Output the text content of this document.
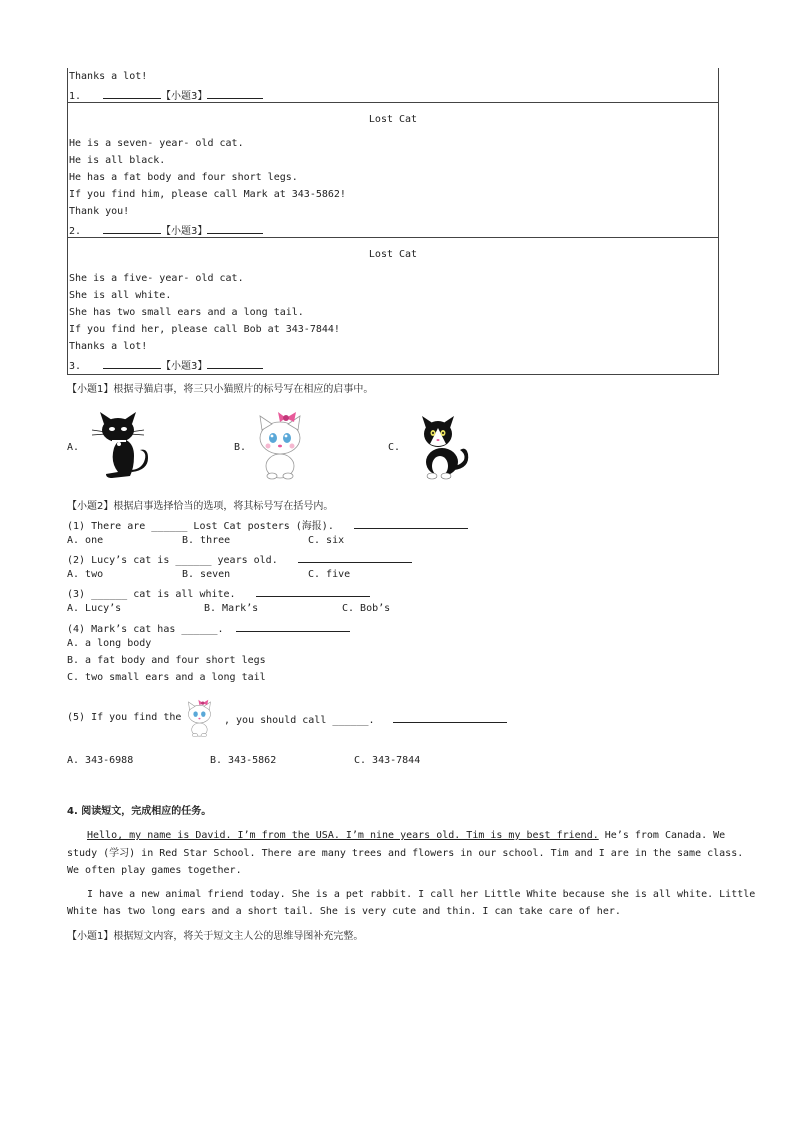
Thanks a lot!
1.	【小题3】
Lost Cat
He is a seven- year- old cat.
He is all black.
He has a fat body and four short legs.
If you find him, please call Mark at 343-5862!
Thank you!
2.	【小题3】
Lost Cat
She is a five- year- old cat.
She is all white.
She has two small ears and a long tail.
If you find her, please call Bob at 343-7844!
Thanks a lot!
3.	【小题3】
【小题1】根据寻猫启事，将三只小猫照片的标号写在相应的启事中。
A.	B.	C.
【小题2】根据启事选择恰当的选项，将其标号写在括号内。
(1) There are ______ Lost Cat posters (海报).
A. one	B. three	C. six
(2) Lucy’s cat is ______ years old.
A. two	B. seven	C. five
(3) ______ cat is all white.
A. Lucy’s	B. Mark’s	C. Bob’s
(4) Mark’s cat has ______.
A. a long body
B. a fat body and four short legs
C. two small ears and a long tail
(5) If you find the	, you should call ______.
A. 343-6988	B. 343-5862	C. 343-7844
4. 阅读短文，完成相应的任务。
Hello, my name is David. I’m from the USA. I’m nine years old. Tim is my best friend. He’s from Canada. We
study (学习) in Red Star School. There are many trees and flowers in our school. Tim and I are in the same class.
We often play games together.
I have a new animal friend today. She is a pet rabbit. I call her Little White because she is all white. Little
White has two long ears and a short tail. She is very cute and thin. I can take care of her.
【小题1】根据短文内容，将关于短文主人公的思维导图补充完整。
